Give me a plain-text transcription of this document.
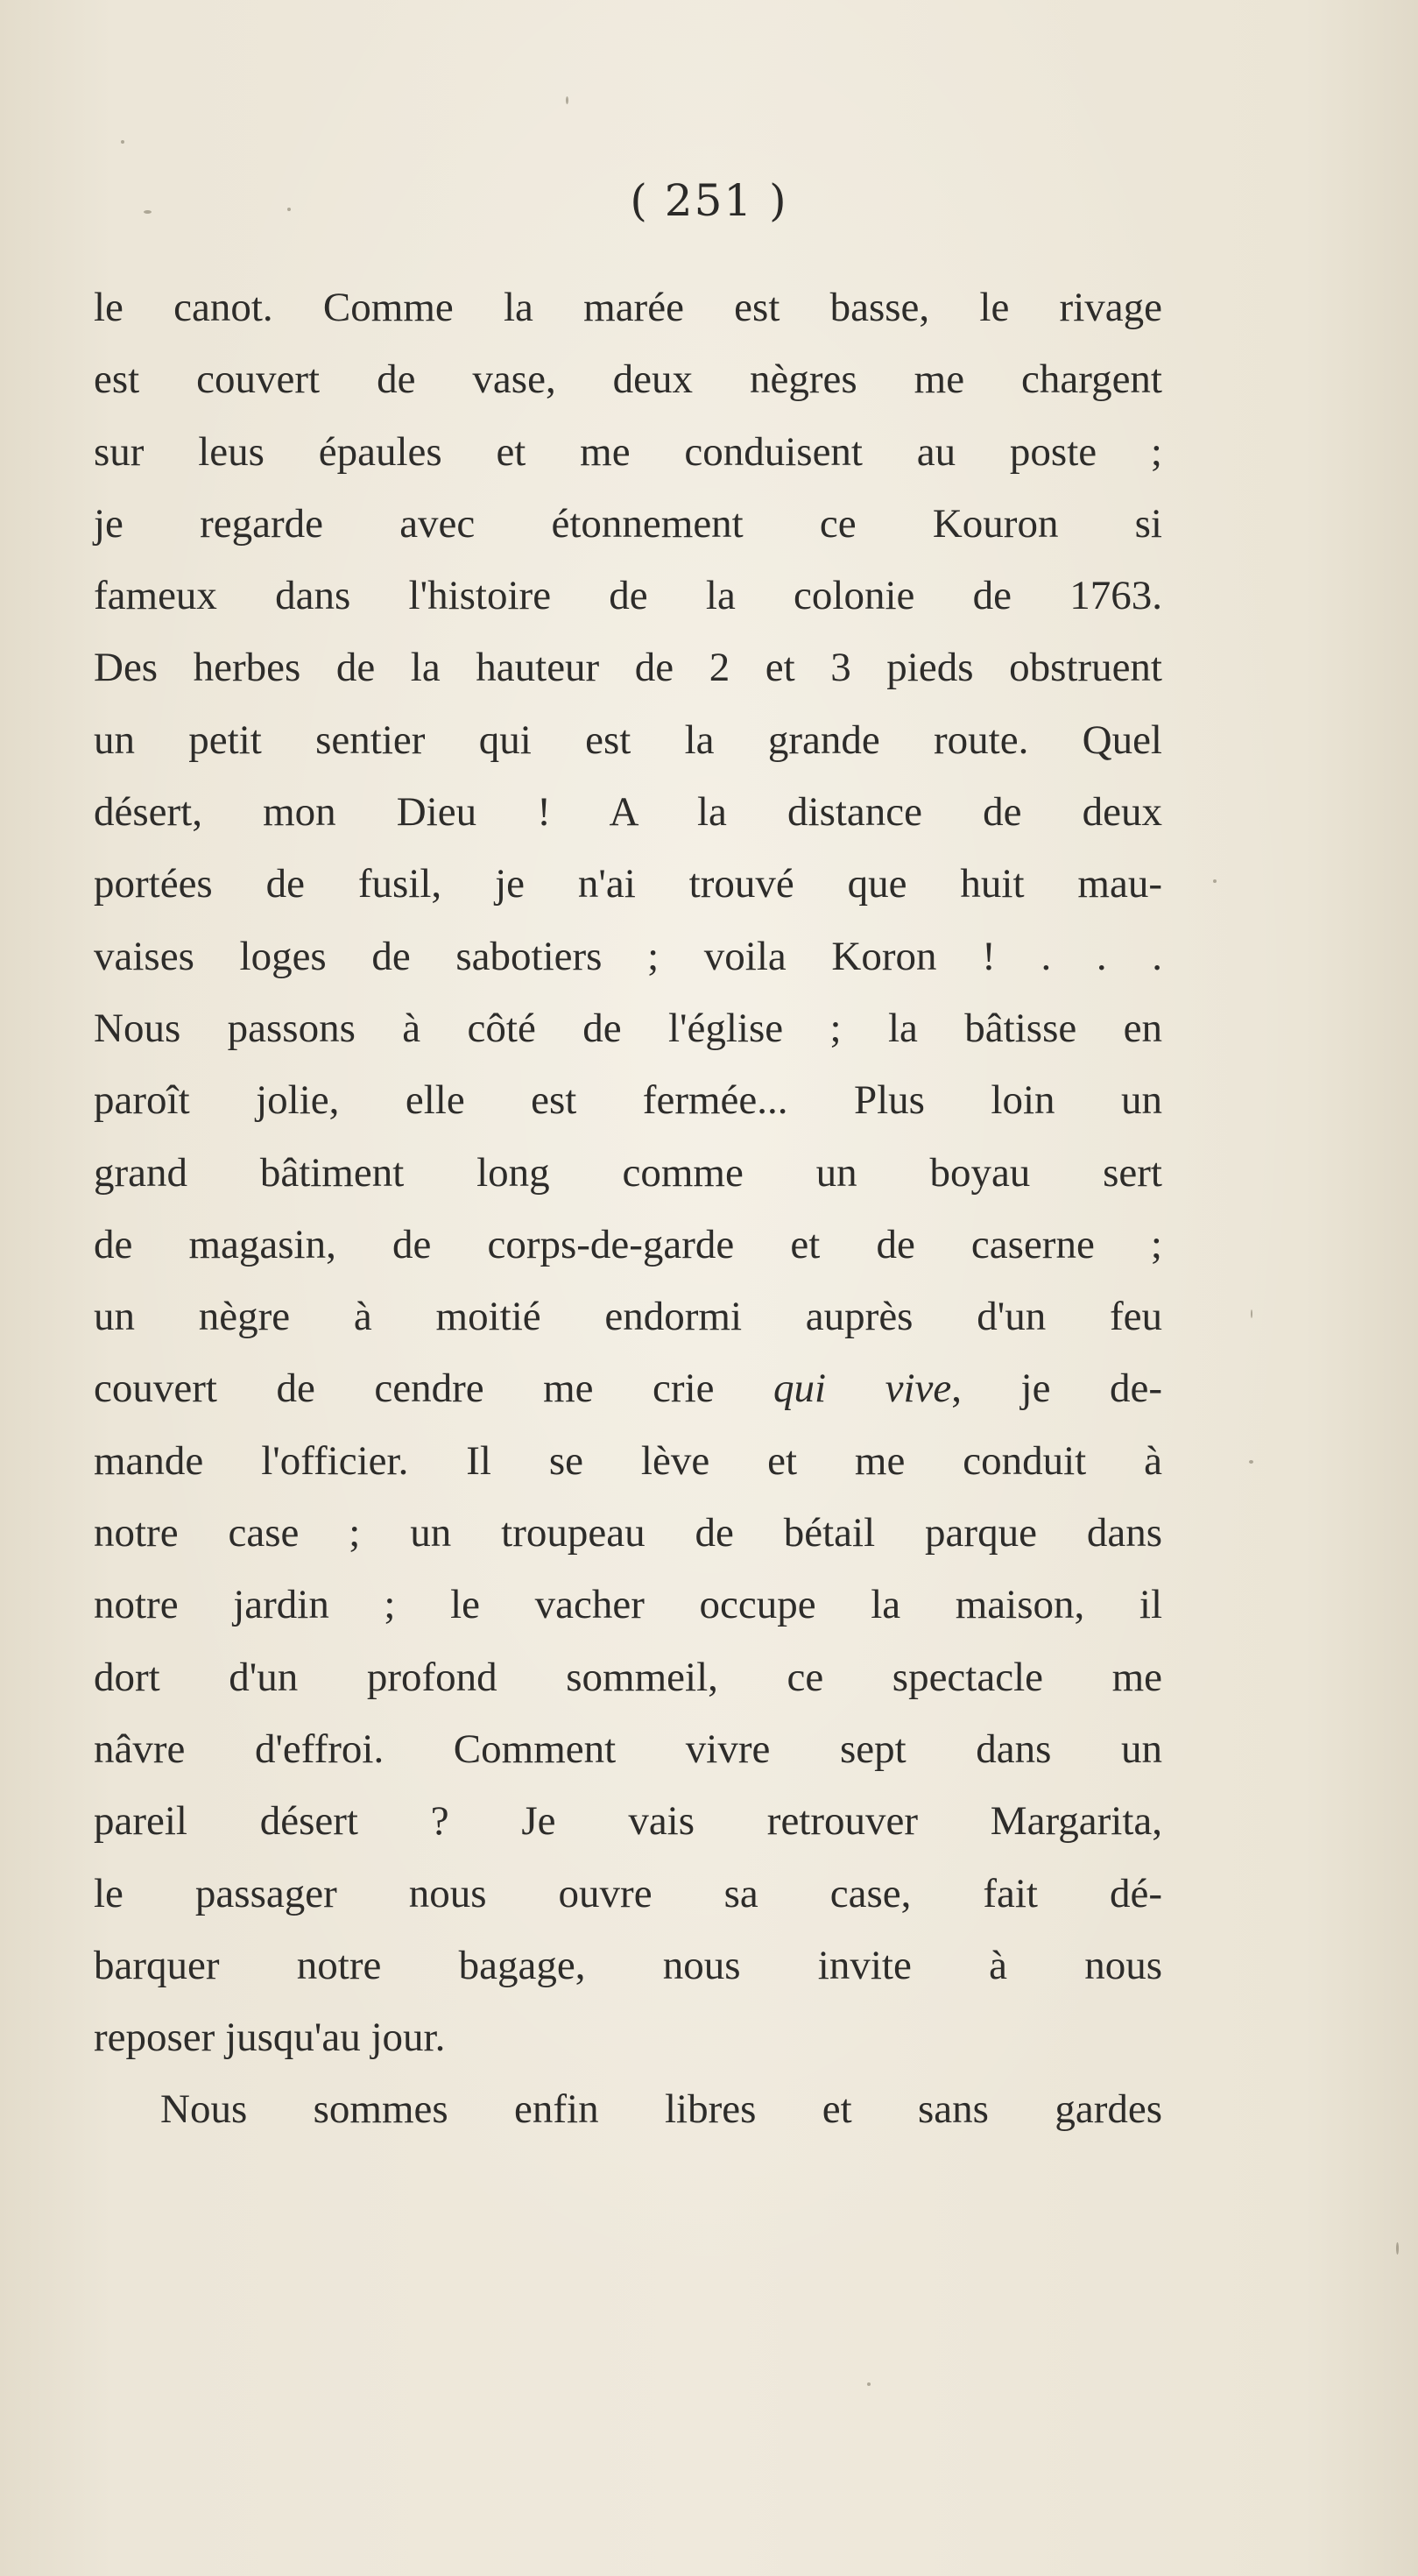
( 251 )
le canot. Comme la marée est basse, le rivage
est couvert de vase, deux nègres me chargent
sur leus épaules et me conduisent au poste ;
je regarde avec étonnement ce Kouron si
fameux dans l'histoire de la colonie de 1763.
Des herbes de la hauteur de 2 et 3 pieds obstruent
un petit sentier qui est la grande route. Quel
désert, mon Dieu ! A la distance de deux
portées de fusil, je n'ai trouvé que huit mau-
vaises loges de sabotiers ; voila Koron ! . . .
Nous passons à côté de l'église ; la bâtisse en
paroît jolie, elle est fermée... Plus loin un
grand bâtiment long comme un boyau sert
de magasin, de corps-de-garde et de caserne ;
un nègre à moitié endormi auprès d'un feu
couvert de cendre me crie qui vive, je de-
mande l'officier. Il se lève et me conduit à
notre case ; un troupeau de bétail parque dans
notre jardin ; le vacher occupe la maison, il
dort d'un profond sommeil, ce spectacle me
nâvre d'effroi. Comment vivre sept dans un
pareil désert ? Je vais retrouver Margarita,
le passager nous ouvre sa case, fait dé-
barquer notre bagage, nous invite à nous
reposer jusqu'au jour.
Nous sommes enfin libres et sans gardes
